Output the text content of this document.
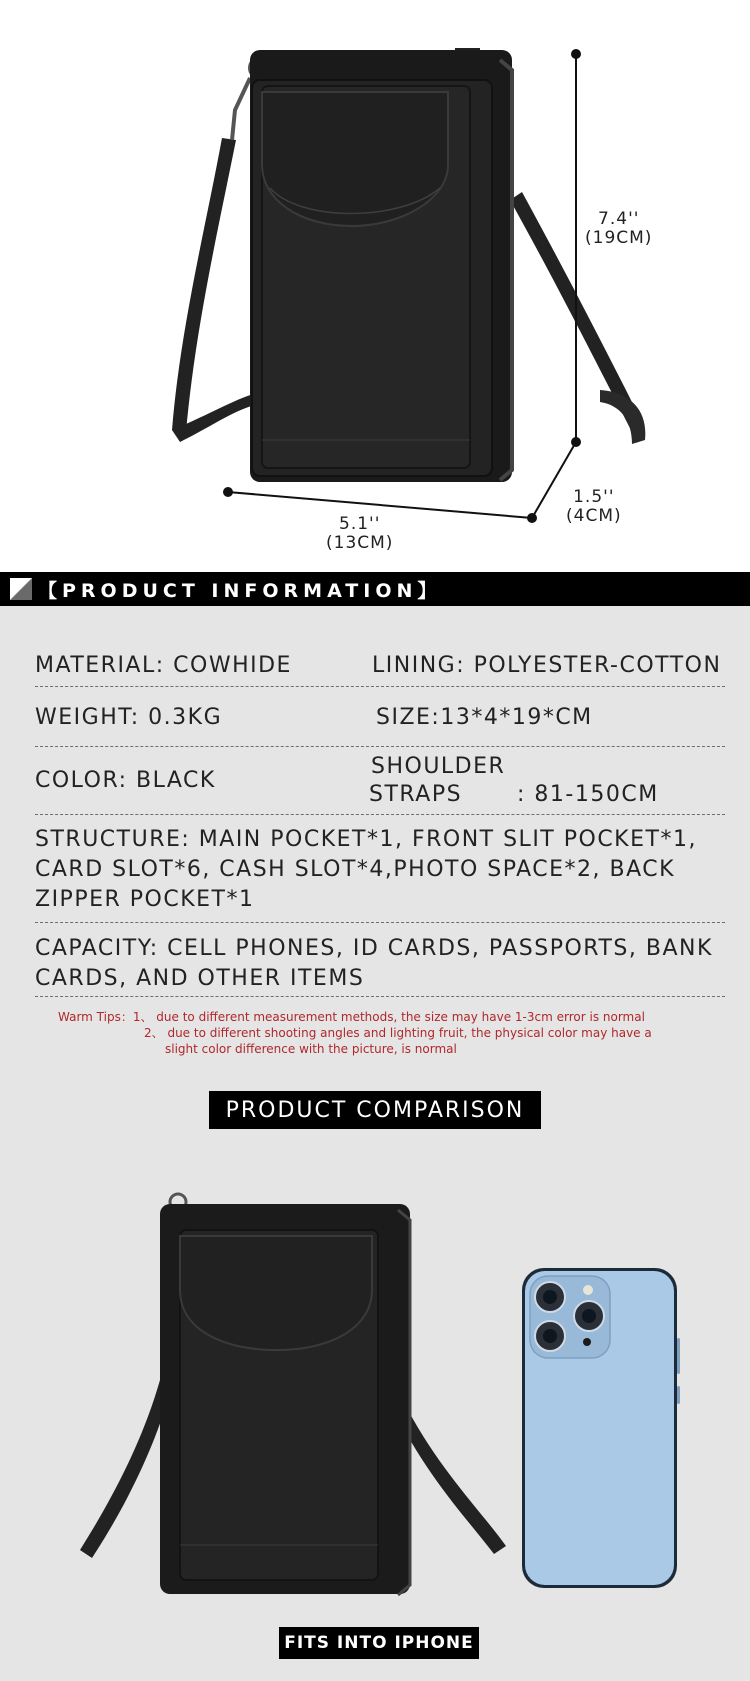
7.4''
(19CM)
5.1''
(13CM)
1.5''
(4CM)
【PRODUCT INFORMATION】
MATERIAL: COWHIDE	LINING: POLYESTER-COTTON
WEIGHT: 0.3KG	SIZE:13*4*19*CM
COLOR: BLACK
SHOULDER
STRAPS : 81-150CM
STRUCTURE: MAIN POCKET*1, FRONT SLIT POCKET*1, CARD SLOT*6, CASH SLOT*4,PHOTO SPACE*2, BACK ZIPPER POCKET*1
CAPACITY: CELL PHONES, ID CARDS, PASSPORTS, BANK CARDS, AND OTHER ITEMS
Warm Tips：1、 due to different measurement methods, the size may have 1-3cm error is normal
2、 due to different shooting angles and lighting fruit, the physical color may have a
slight color difference with the picture, is normal
PRODUCT COMPARISON
FITS INTO IPHONE
